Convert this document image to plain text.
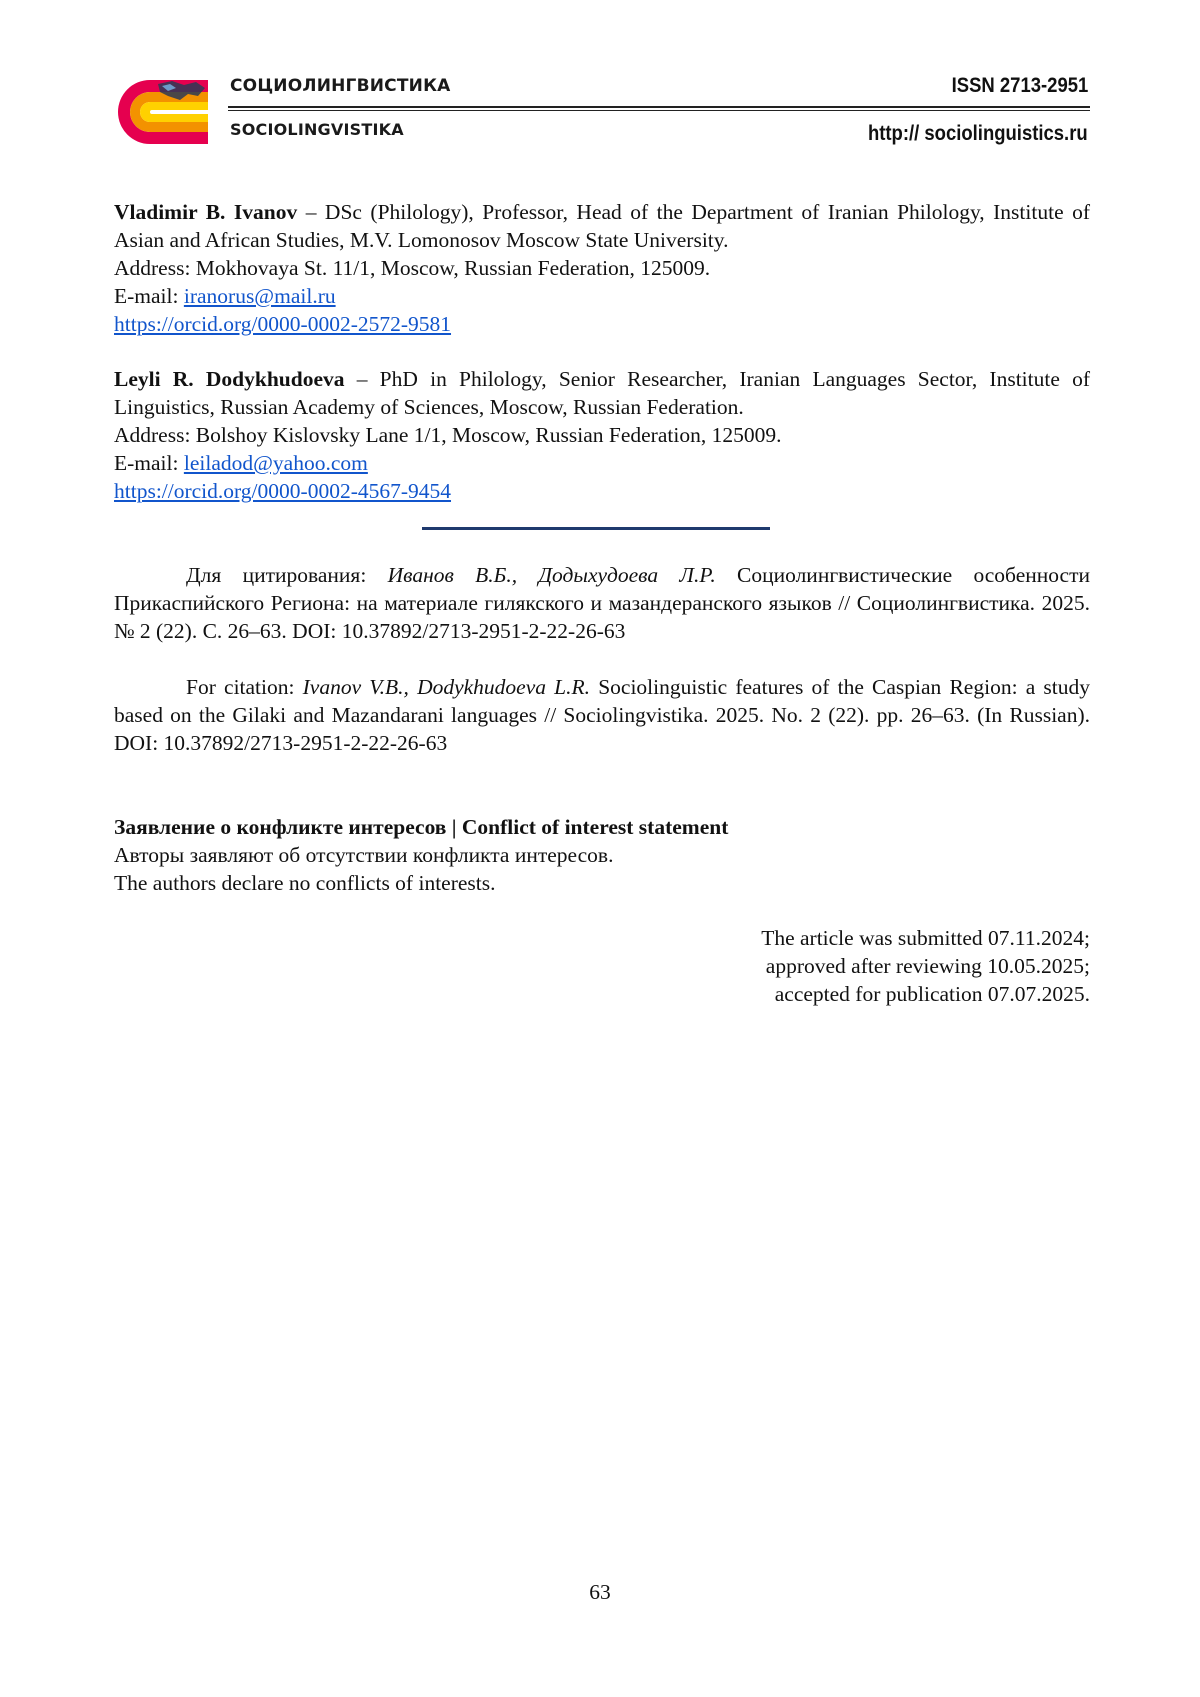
СОЦИОЛИНГВИСТИКА
SOCIOLINGVISTIKA
ISSN 2713-2951
http:// sociolinguistics.ru
Vladimir B. Ivanov – DSc (Philology), Professor, Head of the Department of Iranian Philology, Institute of Asian and African Studies, M.V. Lomonosov Moscow State University.
Address: Mokhovaya St. 11/1, Moscow, Russian Federation, 125009.
E-mail: iranorus@mail.ru
https://orcid.org/0000-0002-2572-9581
Leyli R. Dodykhudoeva – PhD in Philology, Senior Researcher, Iranian Languages Sector, Institute of Linguistics, Russian Academy of Sciences, Moscow, Russian Federation.
Address: Bolshoy Kislovsky Lane 1/1, Moscow, Russian Federation, 125009.
E-mail: leiladod@yahoo.com
https://orcid.org/0000-0002-4567-9454
Для цитирования: Иванов В.Б., Додыхудоева Л.Р. Социолингвистические особенности Прикаспийского Региона: на материале гилякского и мазандеранского языков // Социолингвистика. 2025. № 2 (22). С. 26–63. DOI: 10.37892/2713-2951-2-22-26-63
For citation: Ivanov V.B., Dodykhudoeva L.R. Sociolinguistic features of the Caspian Region: a study based on the Gilaki and Mazandarani languages // Sociolingvistika. 2025. No. 2 (22). pp. 26–63. (In Russian). DOI: 10.37892/2713-2951-2-22-26-63
Заявление о конфликте интересов | Conflict of interest statement
Авторы заявляют об отсутствии конфликта интересов.
The authors declare no conflicts of interests.
The article was submitted 07.11.2024;
approved after reviewing 10.05.2025;
accepted for publication 07.07.2025.
63
